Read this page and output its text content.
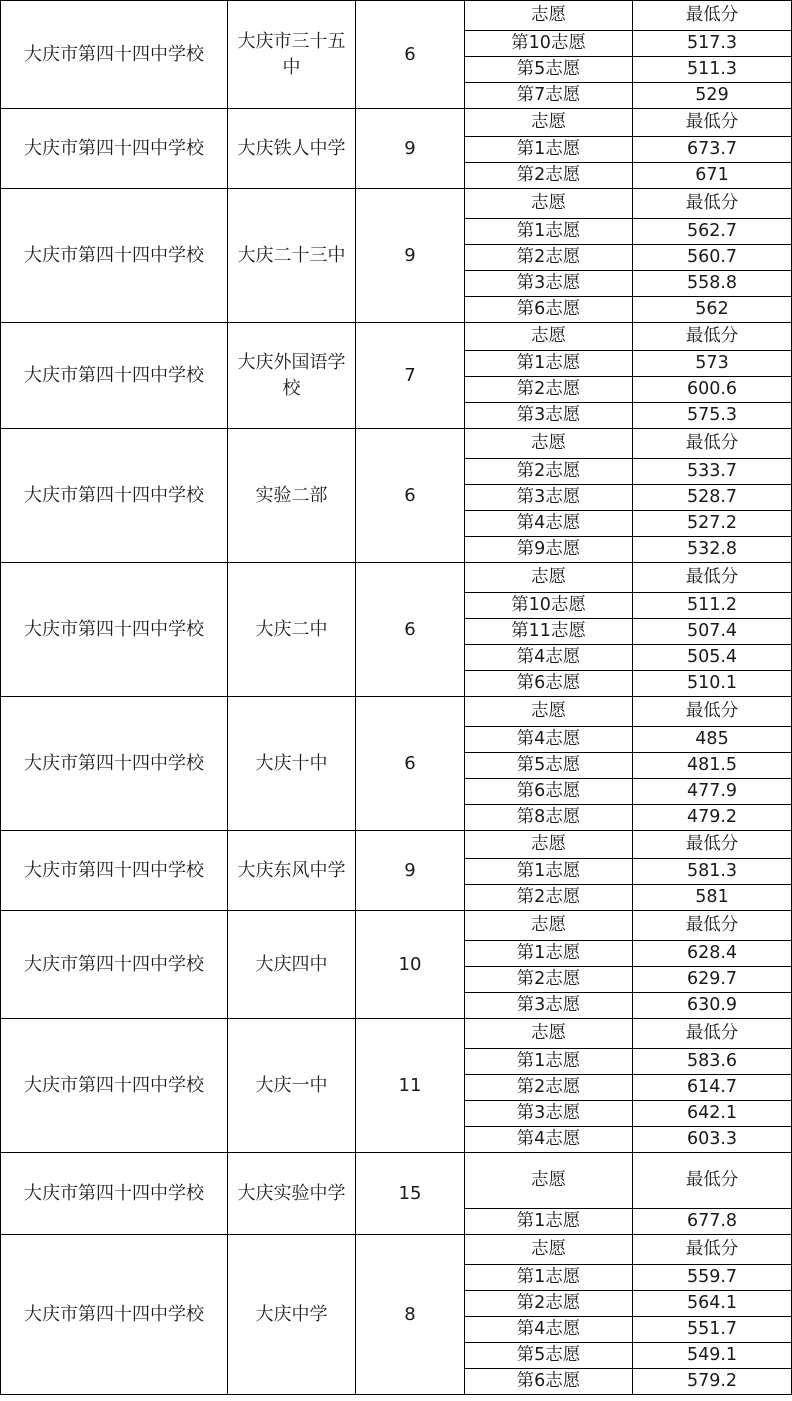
大庆市第四十四中学校	大庆市三十五中	6	志愿	最低分
			第10志愿	517.3
			第5志愿	511.3
			第7志愿	529
大庆市第四十四中学校	大庆铁人中学	9	志愿	最低分
			第1志愿	673.7
			第2志愿	671
大庆市第四十四中学校	大庆二十三中	9	志愿	最低分
			第1志愿	562.7
			第2志愿	560.7
			第3志愿	558.8
			第6志愿	562
大庆市第四十四中学校	大庆外国语学校	7	志愿	最低分
			第1志愿	573
			第2志愿	600.6
			第3志愿	575.3
大庆市第四十四中学校	实验二部	6	志愿	最低分
			第2志愿	533.7
			第3志愿	528.7
			第4志愿	527.2
			第9志愿	532.8
大庆市第四十四中学校	大庆二中	6	志愿	最低分
			第10志愿	511.2
			第11志愿	507.4
			第4志愿	505.4
			第6志愿	510.1
大庆市第四十四中学校	大庆十中	6	志愿	最低分
			第4志愿	485
			第5志愿	481.5
			第6志愿	477.9
			第8志愿	479.2
大庆市第四十四中学校	大庆东风中学	9	志愿	最低分
			第1志愿	581.3
			第2志愿	581
大庆市第四十四中学校	大庆四中	10	志愿	最低分
			第1志愿	628.4
			第2志愿	629.7
			第3志愿	630.9
大庆市第四十四中学校	大庆一中	11	志愿	最低分
			第1志愿	583.6
			第2志愿	614.7
			第3志愿	642.1
			第4志愿	603.3
大庆市第四十四中学校	大庆实验中学	15	志愿	最低分
			第1志愿	677.8
大庆市第四十四中学校	大庆中学	8	志愿	最低分
			第1志愿	559.7
			第2志愿	564.1
			第4志愿	551.7
			第5志愿	549.1
			第6志愿	579.2
